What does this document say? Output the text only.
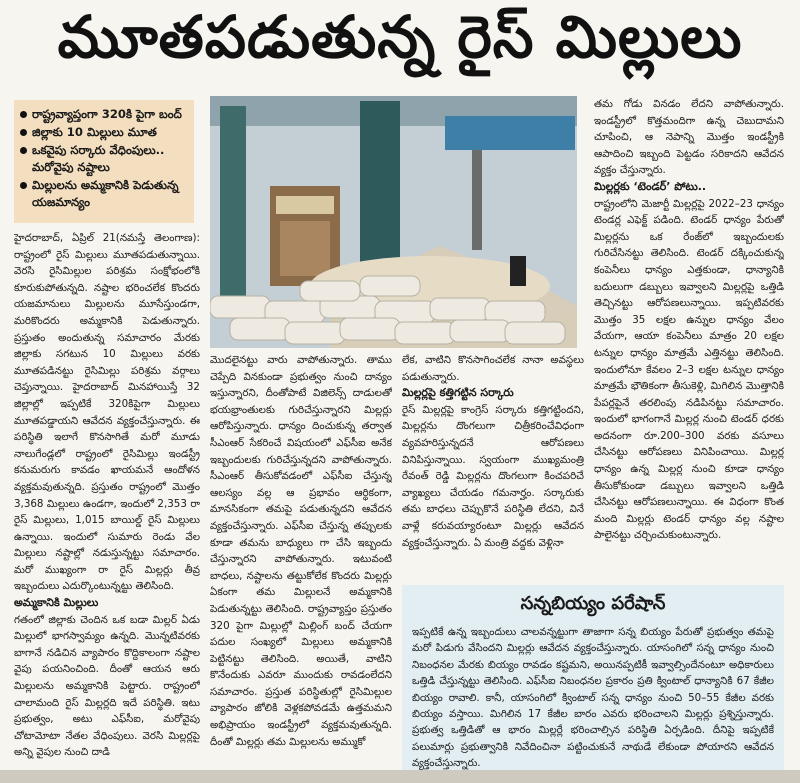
మూతపడుతున్న రైస్ మిల్లులు
రాష్ట్రవ్యాప్తంగా 320కి పైగా బంద్
జిల్లాకు 10 మిల్లులు మూత
ఒకవైపు సర్కారు వేధింపులు.. మరోవైపు నష్టాలు
మిల్లులను అమ్మకానికి పెడుతున్న యజమాన్యం

హైదరాబాద్, ఏప్రిల్ 21(నమస్తే తెలంగాణ): రాష్ట్రంలో రైస్ మిల్లులు మూతపడుతున్నాయి. వెరసి రైసిమిల్లుల పరిశ్రమ సంక్షోభంలోకి కూరుకుపోతున్నది. నష్టాల భరించలేక కొందరు యజమానులు మిల్లులను మూసేస్తుండగా, మరికొందరు అమ్మకానికి పెడుతున్నారు. ప్రస్తుతం అందుతున్న సమాచారం మేరకు జిల్లాకు సగటున 10 మిల్లులు వరకు మూతపడినట్టు రైసిమిల్లు పరిశ్రమ వర్గాలు చెప్తున్నాయి. హైదరాబాద్ మినహాయిస్తే 32 జిల్లాల్లో ఇప్పటికే 320కిపైగా మిల్లులు మూతపడ్డాయని ఆవేదన వ్యక్తంచేస్తున్నారు. ఈ పరిస్థితి ఇలాగే కొనసాగితే మరో మూడు నాలుగేండ్లలో రాష్ట్రంలో రైసిమిల్లు ఇండస్ట్రీ కనుమరుగు కావడం ఖాయమనే ఆందోళన వ్యక్తమవుతున్నది. ప్రస్తుతం రాష్ట్రంలో మొత్తం 3,368 మిల్లులు ఉండగా, ఇందులో 2,353 రా రైస్ మిల్లులు, 1,015 బాయిల్డ్ రైస్ మిల్లులు ఉన్నాయి. ఇందులో సుమారు రెండు వేల మిల్లులు నష్టాల్లో నడుస్తున్నట్టు సమాచారం. మరో ముఖ్యంగా రా రైస్ మిల్లర్లు తీవ్ర ఇబ్బందులు ఎదుర్కొంటున్నట్టు తెలిసింది.

అమ్మకానికి మిల్లులు

గతంలో జిల్లాకు చెందిన ఒక బడా మిల్లర్ ఏడు మిల్లులో భాగస్వామ్యం ఉన్నది. మొన్నటివరకు బాగానే నడిచిన వ్యాపారం కొద్దికాలంగా నష్టాల వైపు పయనించింది. దీంతో ఆయన ఆరు మిల్లులను అమ్మకానికి పెట్టారు. రాష్ట్రంలో చాలామంది రైస్ మిల్లర్లది ఇదే పరిస్థితి. ఇటు ప్రభుత్వం, అటు ఎఫ్‌సీఐ, మరోవైపు చోటామోటా నేతల వేధింపులు. వెరసి మిల్లర్లపై అన్ని వైపుల నుంచి దాడి

మొదలైనట్టు వారు వాపోతున్నారు. తాము చెప్పేది వినకుండా ప్రభుత్వం నుంచి దాన్యం ఇస్తున్నారని, దీంతోపాటే విజిలెన్స్ దాడులతో భయభ్రాంతులకు గురిచేస్తున్నారని మిల్లర్లు ఆరోపిస్తున్నారు. ధాన్యం దించుకున్న తర్వాత సీఎంఆర్ సేకరించే విషయంలో ఎఫ్‌సీఐ అనేక ఇబ్బందులకు గురిచేస్తున్నదని వాపోతున్నారు. సీఎంఆర్ తీసుకోవడంలో ఎఫ్‌సీఐ చేస్తున్న ఆలస్యం వల్ల ఆ ప్రభావం ఆర్థికంగా, మానసికంగా తమపై పడుతున్నదని ఆవేదన వ్యక్తంచేస్తున్నారు. ఎఫ్‌సీఐ చేస్తున్న తప్పులకు కూడా తమను బాధ్యులు గా చేసి ఇబ్బందు చేస్తున్నారని వాపోతున్నారు. ఇటువంటి బాధలు, నష్టాలను తట్టుకోలేక కొందరు మిల్లర్లు ఏకంగా తమ మిల్లులనే అమ్మకానికి పెడుతున్నట్టు తెలిసింది. రాష్ట్రవ్యాప్తం ప్రస్తుతం 320 పైగా మిల్లుల్లో మిల్లింగ్ బంద్ చేయగా పదుల సంఖ్యలో మిల్లులు అమ్మకానికి పెట్టినట్టు తెలిసింది. అయితే, వాటిని కొనేందుకు ఎవరూ ముందుకు రావడంలేదని సమాచారం. ప్రస్తుత పరిస్థితుల్లో రైసిమిల్లుల వ్యాపారం జోలికి వెళ్లకపోవడమే ఉత్తమమని అభిప్రాయం ఇండస్ట్రీలో వ్యక్తమవుతున్నది. దీంతో మిల్లర్లు తమ మిల్లులను అమ్ముకో

లేక, వాటిని కొనసాగించలేక నానా అవస్థలు పడుతున్నారు.

మిల్లర్లపై కత్తిగట్టిన సర్కారు

రైస్ మిల్లర్లపై కాంగ్రెస్ సర్కారు కత్తిగట్టిందని, మిల్లర్లను దొంగలుగా చిత్రీకరించేవిధంగా వ్యవహరిస్తున్నదనే ఆరోపణలు వినిపిస్తున్నాయి. స్వయంగా ముఖ్యమంత్రి రేవంత్ రెడ్డి మిల్లర్లను దొంగలుగా కించపరిచే వ్యాఖ్యలు చేయడం గమనార్హం. సర్కారుకు తమ బాధలు చెప్పుకొనే పరిస్థితి లేదని, వినే వాళ్లే కరువయ్యారంటూ మిల్లర్లు ఆవేదన వ్యక్తంచేస్తున్నారు. ఏ మంత్రి వద్దకు వెళ్లినా

తమ గోడు వినడం లేదని వాపోతున్నారు. ఇండస్ట్రీలో కొత్తమందిగా ఉన్న చెబుదామని చూపించి, ఆ నెపాన్ని మొత్తం ఇండస్ట్రీకి ఆపాదించి ఇబ్బంది పెట్టడం సరికాదని ఆవేదన వ్యక్తం చేస్తున్నారు.

మిల్లర్లకు ‘టెండర్’ పోటు..

రాష్ట్రంలోని మెజార్టీ మిల్లర్లపై 2022–23 ధాన్యం టెండర్ల ఎఫెక్ట్ పడింది. టెండర్ ధాన్యం పేరుతో మిల్లర్లను ఒక రేంజ్‌లో ఇబ్బందులకు గురిచేసినట్టు తెలిసింది. టెండర్ దక్కించుకున్న కంపెనీలు ధాన్యం ఎత్తకుండా, ధాన్యానికి బదులుగా డబ్బులు ఇవ్వాలని మిల్లర్లపై ఒత్తిడి తెచ్చినట్టు ఆరోపణలున్నాయి. ఇప్పటివరకు మొత్తం 35 లక్షల ఉన్నుల ధాన్యం వేలం వేయగా, ఆయా కంపెనీలు మాత్రం 20 లక్షల టన్నుల ధాన్యం మాత్రమే ఎత్తినట్టు తెలిసింది. ఇందులోనూ కేవలం 2–3 లక్షల టన్నుల ధాన్యం మాత్రమే భౌతికంగా తీసుకెళ్లి, మిగిలిన మొత్తానికి పేపర్లపైనే తరలింపు నడిపినట్టు సమాచారం. ఇందులో భాగంగానే మిల్లర్ల నుంచి టెండర్ ధరకు అదనంగా రూ.200–300 వరకు వసూలు చేసినట్టు ఆరోపణలు వినిపించాయి. మిల్లర్ల ధాన్యం ఉన్న మిల్లర్ల నుంచి కూడా ధాన్యం తీసుకోకుండా డబ్బులు ఇవ్వాలని ఒత్తిడి చేసినట్టు ఆరోపణలున్నాయి. ఈ విధంగా కొంత మంది మిల్లర్లు టెండర్ ధాన్యం వల్ల నష్టాల పాలైనట్టు చర్చించుకుంటున్నారు.

సన్నబియ్యం పరేషాన్

ఇప్పటికే ఉన్న ఇబ్బందులు చాలవన్నట్టుగా తాజాగా సన్న బియ్యం పేరుతో ప్రభుత్వం తమపై మరో పిడుగు వేసిందని మిల్లర్లు ఆవేదన వ్యక్తంచేస్తున్నారు. యాసంగిలో సన్న ధాన్యం నుంచి నిబంధనల మేరకు బియ్యం రావడం కష్టమని, అయినప్పటికీ ఇవ్వాల్సిందేనంటూ అధికారులు ఒత్తిడి చేస్తున్నట్టు తెలిసింది. ఎఫ్‌సీఐ నిబంధనల ప్రకారం ప్రతి క్వింటాల్ ధాన్యానికి 67 కేజీల బియ్యం రావాలి. కానీ, యాసంగిలో క్వింటాల్ సన్న ధాన్యం నుంచి 50–55 కేజీల వరకు బియ్యం వస్తాయి. మిగిలిన 17 కేజీల బారం ఎవరు భరించాలని మిల్లర్లు ప్రశ్నిస్తున్నారు. ప్రభుత్వ ఒత్తిడితో ఆ భారం మిల్లర్లే భరించాల్సిన పరిస్థితి ఏర్పడింది. దీనిపై ఇప్పటికే పలుమార్లు ప్రభుత్వానికి నివేదించినా పట్టించుకునే నాథుడే లేకుండా పోయారని ఆవేదన వ్యక్తంచేస్తున్నారు.
